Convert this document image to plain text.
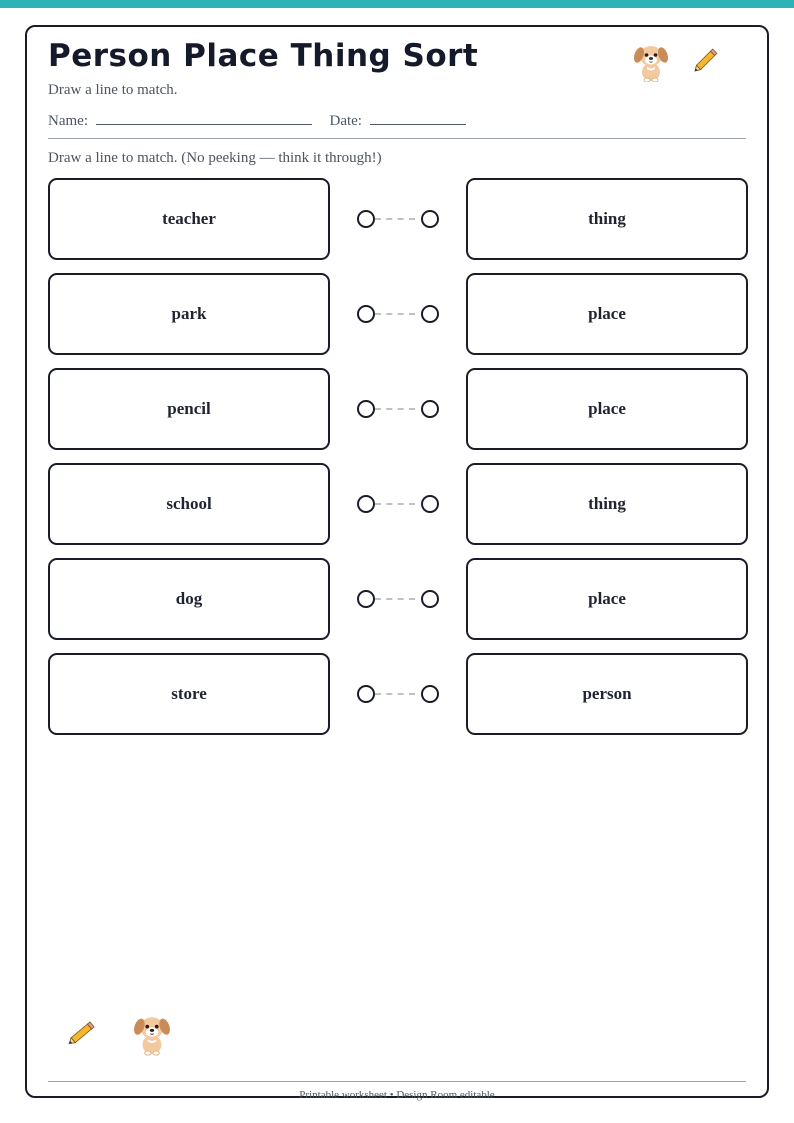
Person Place Thing Sort
Draw a line to match.
Name:	Date:
Draw a line to match. (No peeking — think it through!)
teacher
park
pencil
school
dog
store
thing
place
place
thing
place
person
Printable worksheet • Design Room editable
